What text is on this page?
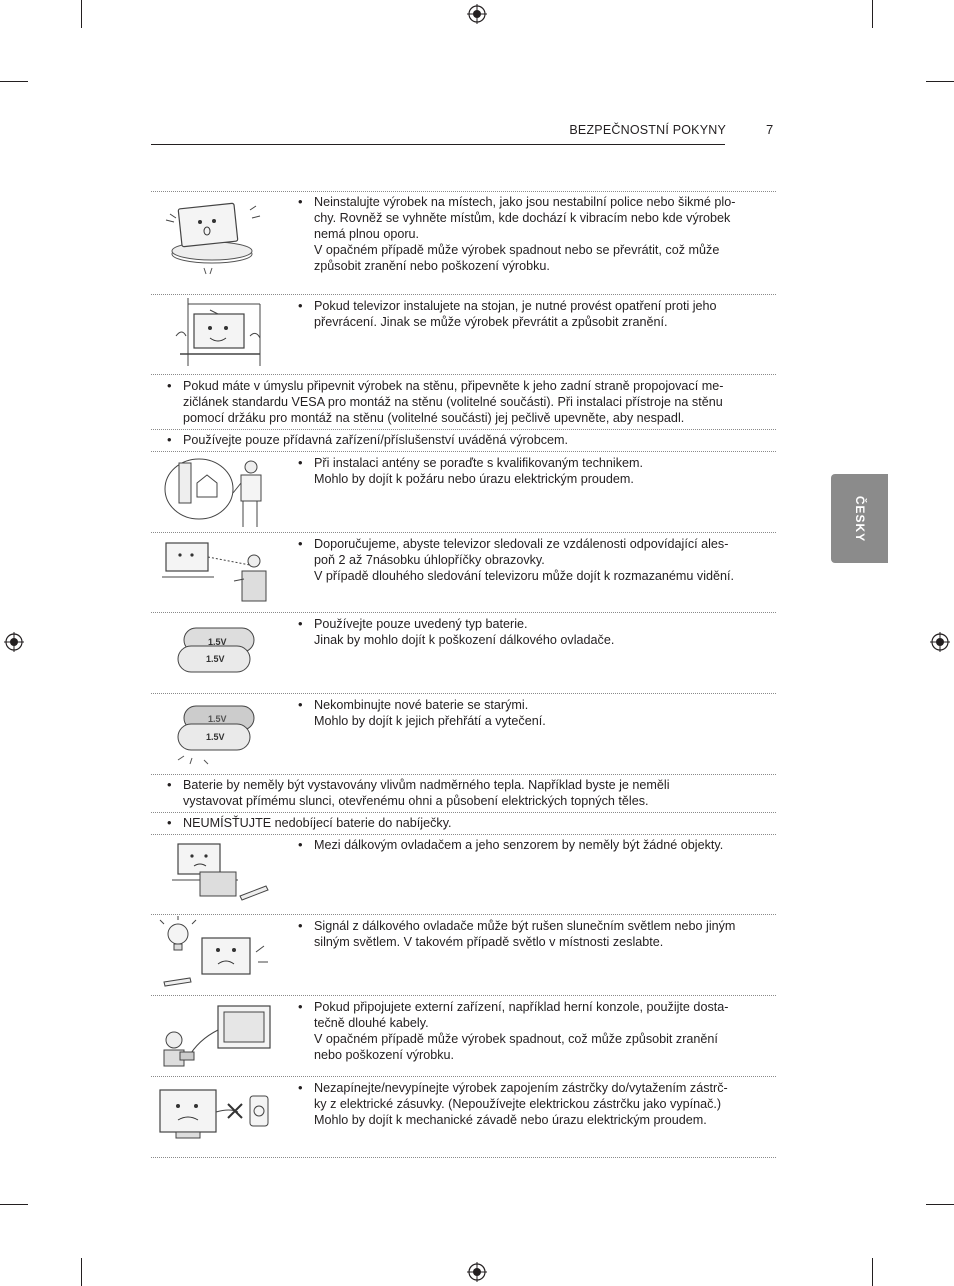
BEZPEČNOSTNÍ POKYNY	7
ČESKY
1.5V
1.5V
1.5V
1.5V
• Neinstalujte výrobek na místech, jako jsou nestabilní police nebo šikmé plo-
chy. Rovněž se vyhněte místům, kde dochází k vibracím nebo kde výrobek
nemá plnou oporu.
V opačném případě může výrobek spadnout nebo se převrátit, což může
způsobit zranění nebo poškození výrobku.

• Pokud televizor instalujete na stojan, je nutné provést opatření proti jeho
převrácení. Jinak se může výrobek převrátit a způsobit zranění.

• Pokud máte v úmyslu připevnit výrobek na stěnu, připevněte k jeho zadní straně propojovací me-
zičlánek standardu VESA pro montáž na stěnu (volitelné součásti). Při instalaci přístroje na stěnu
pomocí držáku pro montáž na stěnu (volitelné součásti) jej pečlivě upevněte, aby nespadl.

• Používejte pouze přídavná zařízení/příslušenství uváděná výrobcem.

• Při instalaci antény se poraďte s kvalifikovaným technikem.
Mohlo by dojít k požáru nebo úrazu elektrickým proudem.

• Doporučujeme, abyste televizor sledovali ze vzdálenosti odpovídající ales-
poň 2 až 7násobku úhlopříčky obrazovky.
V případě dlouhého sledování televizoru může dojít k rozmazanému vidění.

• Používejte pouze uvedený typ baterie.
Jinak by mohlo dojít k poškození dálkového ovladače.

• Nekombinujte nové baterie se starými.
Mohlo by dojít k jejich přehřátí a vytečení.

• Baterie by neměly být vystavovány vlivům nadměrného tepla. Například byste je neměli
vystavovat přímému slunci, otevřenému ohni a působení elektrických topných těles.

• NEUMÍSŤUJTE nedobíjecí baterie do nabíječky.

• Mezi dálkovým ovladačem a jeho senzorem by neměly být žádné objekty.

• Signál z dálkového ovladače může být rušen slunečním světlem nebo jiným
silným světlem. V takovém případě světlo v místnosti zeslabte.

• Pokud připojujete externí zařízení, například herní konzole, použijte dosta-
tečně dlouhé kabely.
V opačném případě může výrobek spadnout, což může způsobit zranění
nebo poškození výrobku.

• Nezapínejte/nevypínejte výrobek zapojením zástrčky do/vytažením zástrč-
ky z elektrické zásuvky. (Nepoužívejte elektrickou zástrčku jako vypínač.)
Mohlo by dojít k mechanické závadě nebo úrazu elektrickým proudem.
